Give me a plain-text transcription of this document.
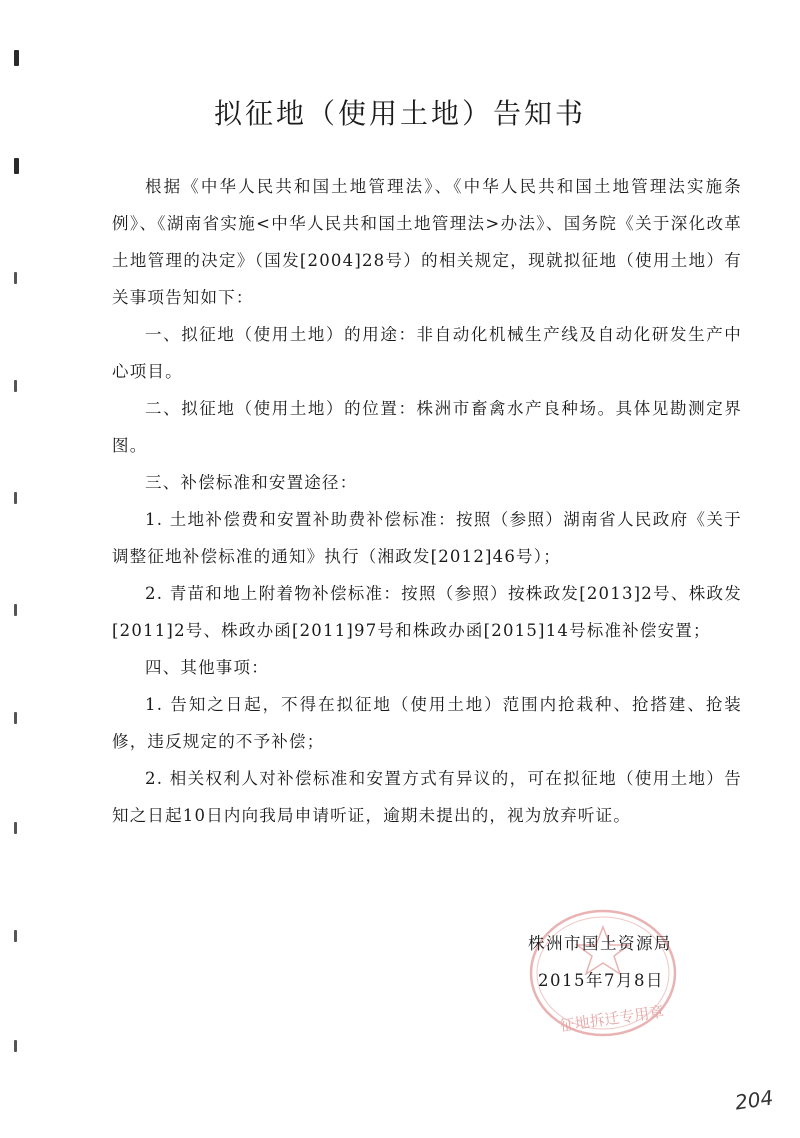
拟征地（使用土地）告知书

根据《中华人民共和国土地管理法》、《中华人民共和国土地管理法实施条例》、《湖南省实施<中华人民共和国土地管理法>办法》、国务院《关于深化改革土地管理的决定》（国发[2004]28号）的相关规定，现就拟征地（使用土地）有关事项告知如下：

一、拟征地（使用土地）的用途：非自动化机械生产线及自动化研发生产中心项目。

二、拟征地（使用土地）的位置：株洲市畜禽水产良种场。具体见勘测定界图。

三、补偿标准和安置途径：

1. 土地补偿费和安置补助费补偿标准：按照（参照）湖南省人民政府《关于调整征地补偿标准的通知》执行（湘政发[2012]46号）；

2. 青苗和地上附着物补偿标准：按照（参照）按株政发[2013]2号、株政发[2011]2号、株政办函[2011]97号和株政办函[2015]14号标准补偿安置；

四、其他事项：

1. 告知之日起，不得在拟征地（使用土地）范围内抢栽种、抢搭建、抢装修，违反规定的不予补偿；

2. 相关权利人对补偿标准和安置方式有异议的，可在拟征地（使用土地）告知之日起10日内向我局申请听证，逾期未提出的，视为放弃听证。

征地拆迁专用章
株洲市国土资源局
2015年7月8日
204
